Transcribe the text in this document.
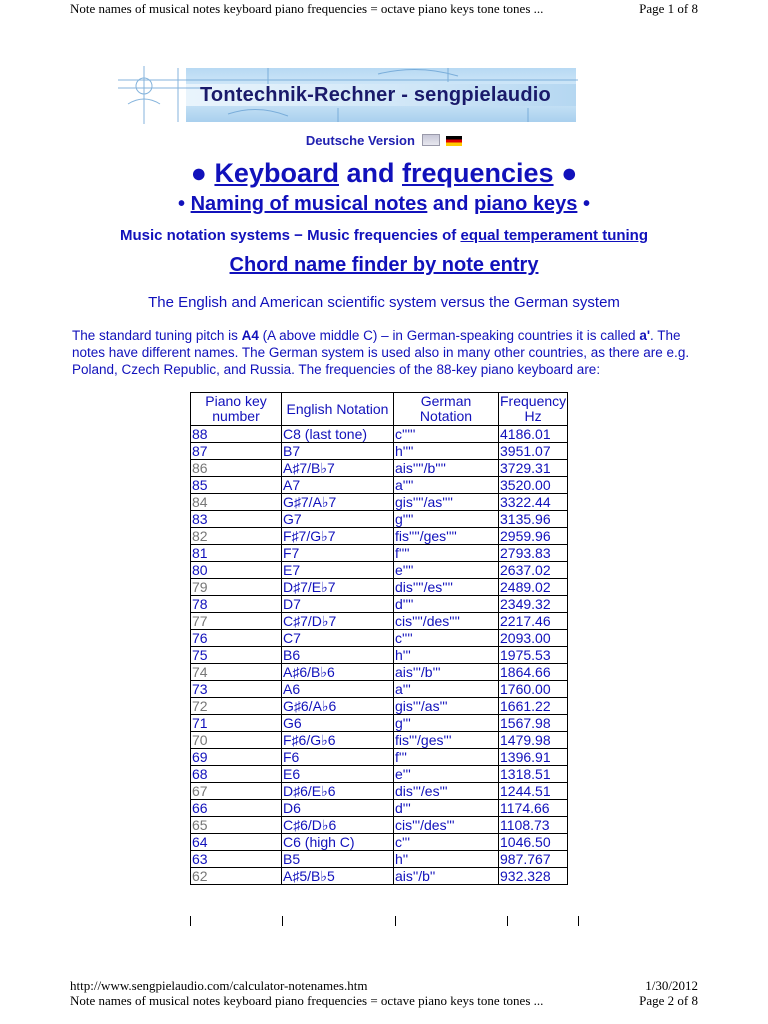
Note names of musical notes keyboard piano frequencies = octave piano keys tone tones ...	Page 1 of 8
Tontechnik-Rechner - sengpielaudio
Deutsche Version
● Keyboard and frequencies ●
• Naming of musical notes and piano keys •
Music notation systems − Music frequencies of equal temperament tuning
Chord name finder by note entry
The English and American scientific system versus the German system
The standard tuning pitch is A4 (A above middle C) – in German-speaking countries it is called a'. The notes have different names. The German system is used also in many other countries, as there are e.g. Poland, Czech Republic, and Russia. The frequencies of the 88-key piano keyboard are:
Piano key number	English Notation	German Notation	Frequency Hz
88	C8 (last tone)	c'''''	4186.01
87	B7	h''''	3951.07
86	A♯7/B♭7	ais''''/b''''	3729.31
85	A7	a''''	3520.00
84	G♯7/A♭7	gis''''/as''''	3322.44
83	G7	g''''	3135.96
82	F♯7/G♭7	fis''''/ges''''	2959.96
81	F7	f''''	2793.83
80	E7	e''''	2637.02
79	D♯7/E♭7	dis''''/es''''	2489.02
78	D7	d''''	2349.32
77	C♯7/D♭7	cis''''/des''''	2217.46
76	C7	c''''	2093.00
75	B6	h'''	1975.53
74	A♯6/B♭6	ais'''/b'''	1864.66
73	A6	a'''	1760.00
72	G♯6/A♭6	gis'''/as'''	1661.22
71	G6	g'''	1567.98
70	F♯6/G♭6	fis'''/ges'''	1479.98
69	F6	f'''	1396.91
68	E6	e'''	1318.51
67	D♯6/E♭6	dis'''/es'''	1244.51
66	D6	d'''	1174.66
65	C♯6/D♭6	cis'''/des'''	1108.73
64	C6 (high C)	c'''	1046.50
63	B5	h''	987.767
62	A♯5/B♭5	ais''/b''	932.328
http://www.sengpielaudio.com/calculator-notenames.htm	1/30/2012
Note names of musical notes keyboard piano frequencies = octave piano keys tone tones ...	Page 2 of 8
